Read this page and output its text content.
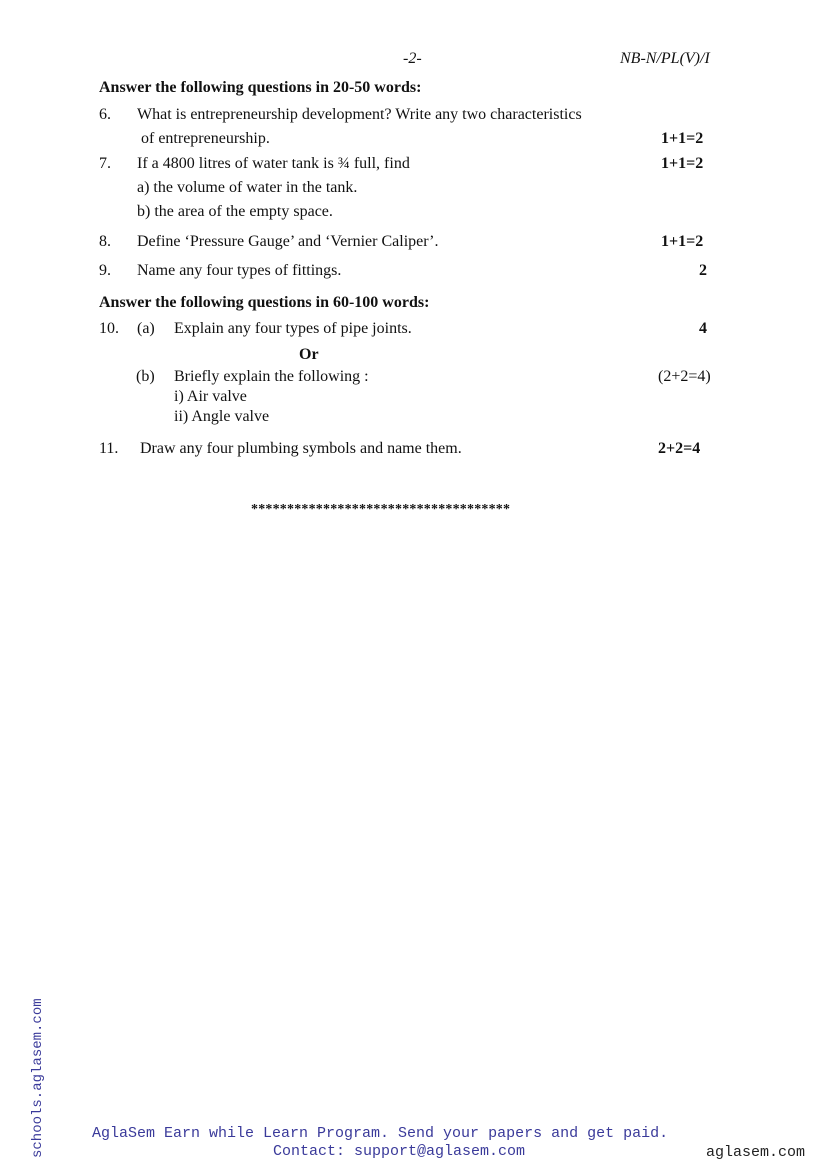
-2-	NB-N/PL(V)/I
Answer the following questions in 20-50 words:
6. What is entrepreneurship development? Write any two characteristics
of entrepreneurship.	1+1=2
7. If a 4800 litres of water tank is ¾ full, find	1+1=2
a) the volume of water in the tank.
b) the area of the empty space.
8. Define ‘Pressure Gauge’ and ‘Vernier Caliper’.	1+1=2
9. Name any four types of fittings.	2
Answer the following questions in 60-100 words:
10. (a) Explain any four types of pipe joints.	4
Or
(b) Briefly explain the following :	(2+2=4)
i) Air valve
ii) Angle valve
11. Draw any four plumbing symbols and name them.	2+2=4
************************************
schools.aglasem.com	AglaSem Earn while Learn Program. Send your papers and get paid.
Contact: support@aglasem.com	aglasem.com
